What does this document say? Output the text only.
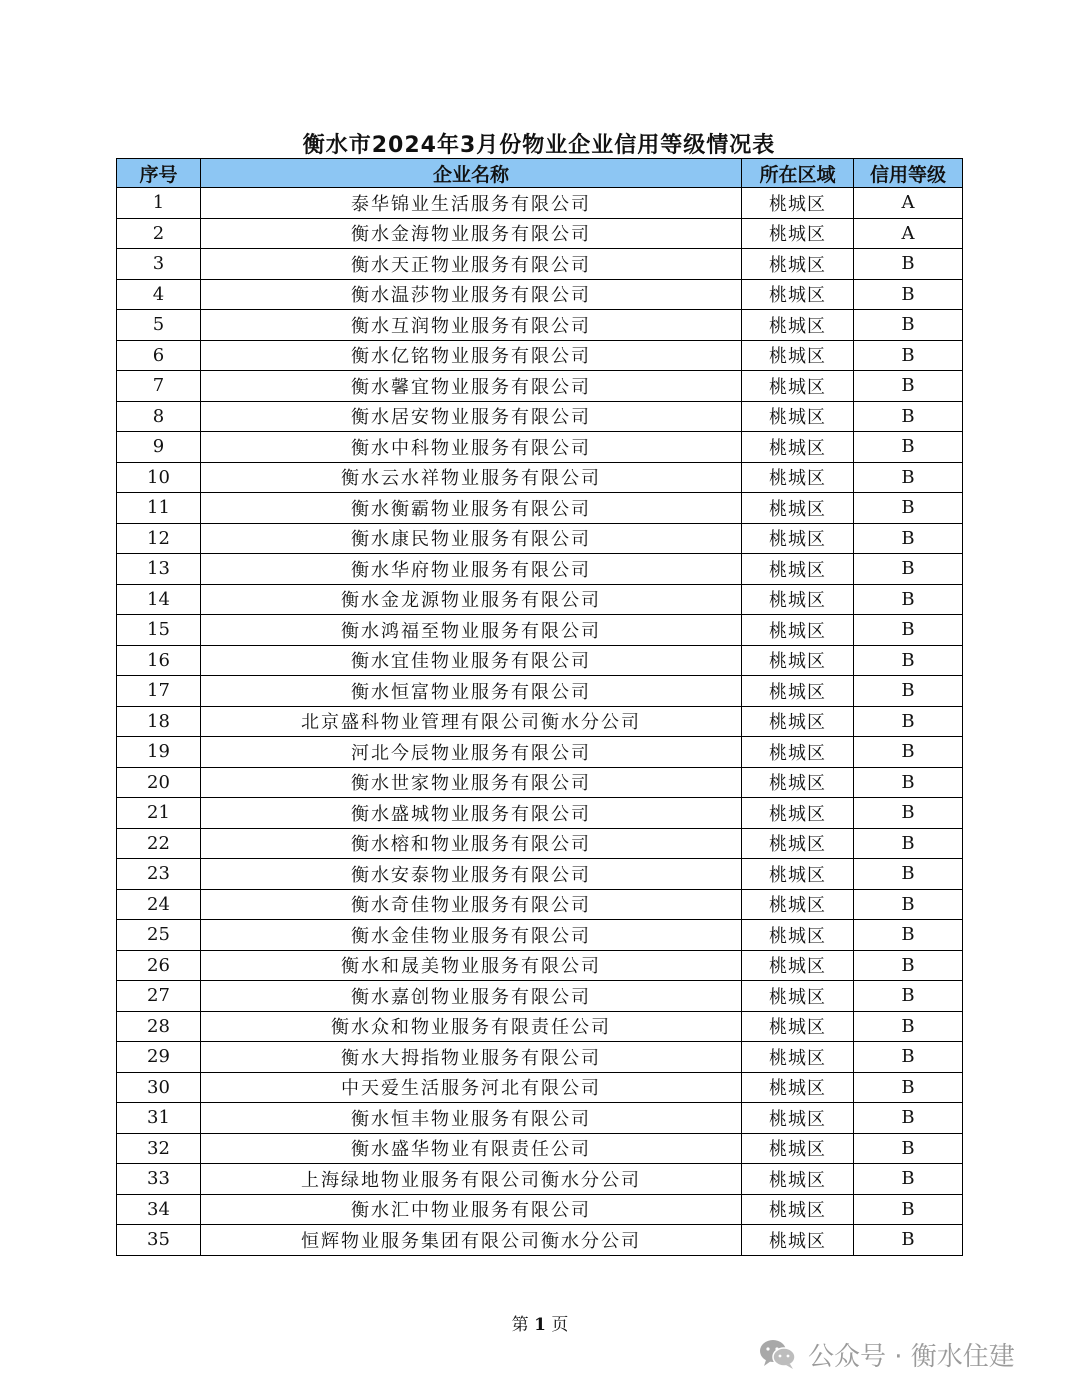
衡水市2024年3月份物业企业信用等级情况表
序号	企业名称	所在区域	信用等级
1	泰华锦业生活服务有限公司	桃城区	A
2	衡水金海物业服务有限公司	桃城区	A
3	衡水天正物业服务有限公司	桃城区	B
4	衡水温莎物业服务有限公司	桃城区	B
5	衡水互润物业服务有限公司	桃城区	B
6	衡水亿铭物业服务有限公司	桃城区	B
7	衡水馨宜物业服务有限公司	桃城区	B
8	衡水居安物业服务有限公司	桃城区	B
9	衡水中科物业服务有限公司	桃城区	B
10	衡水云水祥物业服务有限公司	桃城区	B
11	衡水衡霸物业服务有限公司	桃城区	B
12	衡水康民物业服务有限公司	桃城区	B
13	衡水华府物业服务有限公司	桃城区	B
14	衡水金龙源物业服务有限公司	桃城区	B
15	衡水鸿福至物业服务有限公司	桃城区	B
16	衡水宜佳物业服务有限公司	桃城区	B
17	衡水恒富物业服务有限公司	桃城区	B
18	北京盛科物业管理有限公司衡水分公司	桃城区	B
19	河北今辰物业服务有限公司	桃城区	B
20	衡水世家物业服务有限公司	桃城区	B
21	衡水盛城物业服务有限公司	桃城区	B
22	衡水榕和物业服务有限公司	桃城区	B
23	衡水安泰物业服务有限公司	桃城区	B
24	衡水奇佳物业服务有限公司	桃城区	B
25	衡水金佳物业服务有限公司	桃城区	B
26	衡水和晟美物业服务有限公司	桃城区	B
27	衡水嘉创物业服务有限公司	桃城区	B
28	衡水众和物业服务有限责任公司	桃城区	B
29	衡水大拇指物业服务有限公司	桃城区	B
30	中天爱生活服务河北有限公司	桃城区	B
31	衡水恒丰物业服务有限公司	桃城区	B
32	衡水盛华物业有限责任公司	桃城区	B
33	上海绿地物业服务有限公司衡水分公司	桃城区	B
34	衡水汇中物业服务有限公司	桃城区	B
35	恒辉物业服务集团有限公司衡水分公司	桃城区	B
第 1 页
公众号 · 衡水住建
